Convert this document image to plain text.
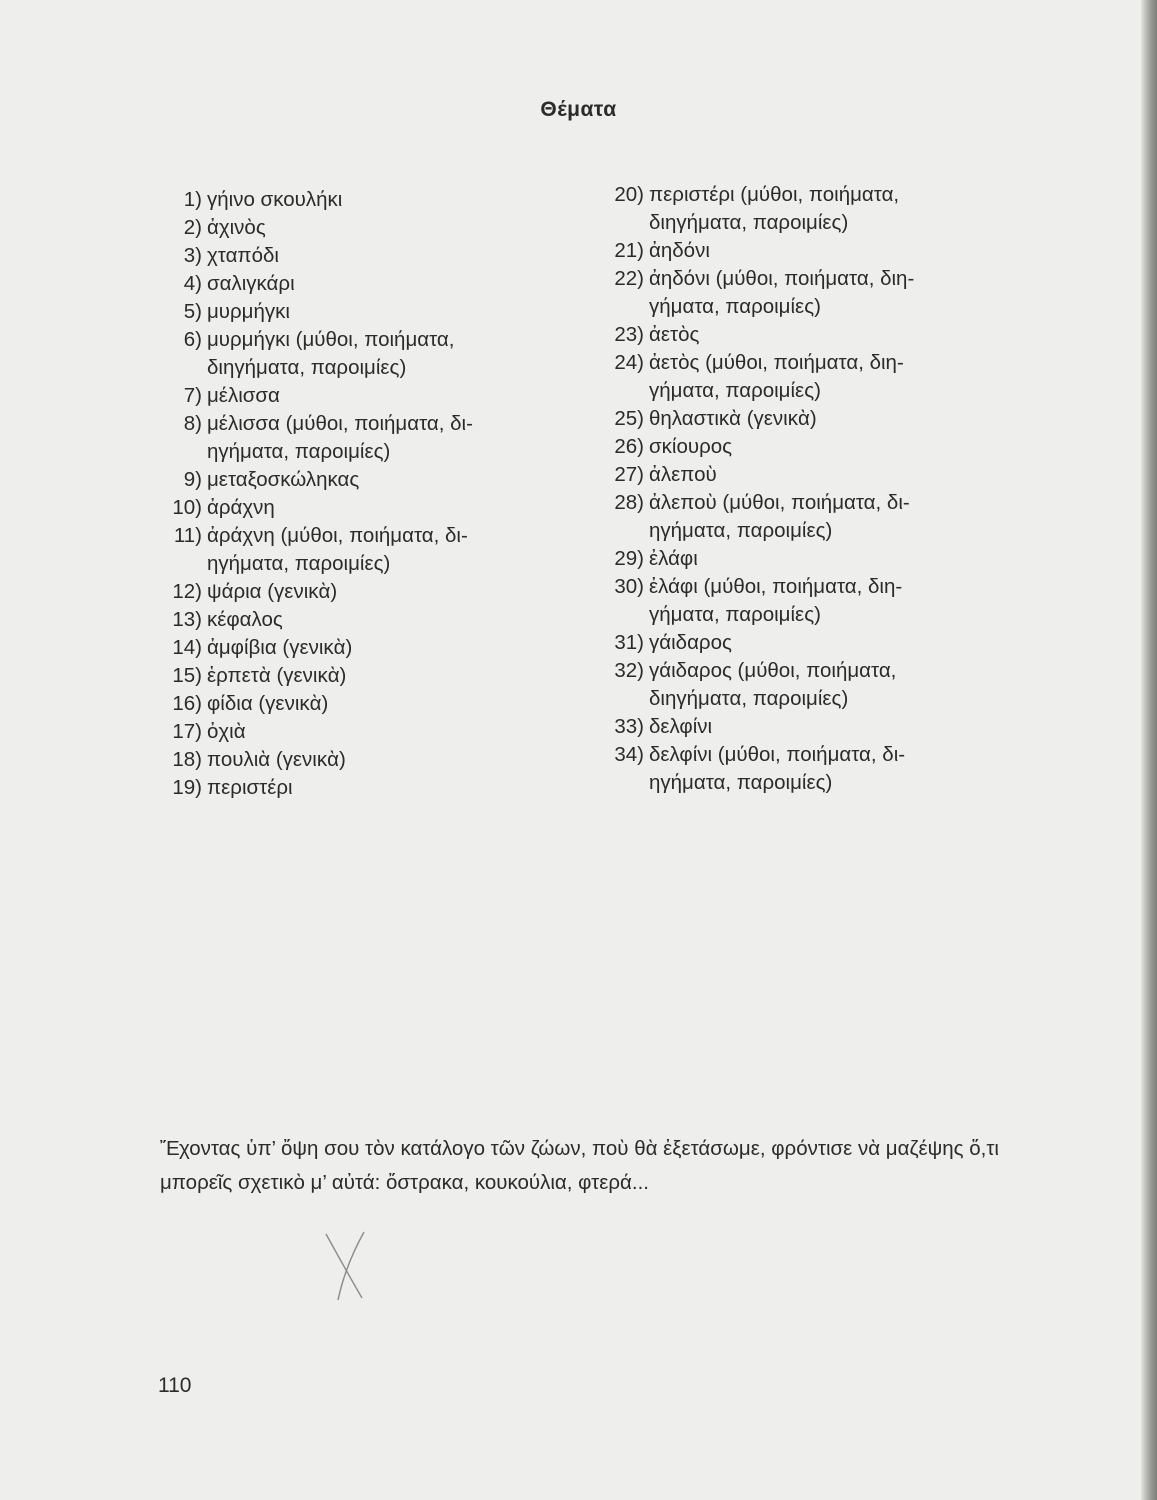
Θέματα
1) γήινο σκουλήκι
2) ἀχινὸς
3) χταπόδι
4) σαλιγκάρι
5) μυρμήγκι
6) μυρμήγκι (μύθοι, ποιήματα,
διηγήματα, παροιμίες)
7) μέλισσα
8) μέλισσα (μύθοι, ποιήματα, δι-
ηγήματα, παροιμίες)
9) μεταξοσκώληκας
10) ἀράχνη
11) ἀράχνη (μύθοι, ποιήματα, δι-
ηγήματα, παροιμίες)
12) ψάρια (γενικὰ)
13) κέφαλος
14) ἀμφίβια (γενικὰ)
15) ἑρπετὰ (γενικὰ)
16) φίδια (γενικὰ)
17) ὀχιὰ
18) πουλιὰ (γενικὰ)
19) περιστέρι
20) περιστέρι (μύθοι, ποιήματα,
διηγήματα, παροιμίες)
21) ἀηδόνι
22) ἀηδόνι (μύθοι, ποιήματα, διη-
γήματα, παροιμίες)
23) ἀετὸς
24) ἀετὸς (μύθοι, ποιήματα, διη-
γήματα, παροιμίες)
25) θηλαστικὰ (γενικὰ)
26) σκίουρος
27) ἀλεποὺ
28) ἀλεποὺ (μύθοι, ποιήματα, δι-
ηγήματα, παροιμίες)
29) ἐλάφι
30) ἐλάφι (μύθοι, ποιήματα, διη-
γήματα, παροιμίες)
31) γάιδαρος
32) γάιδαρος (μύθοι, ποιήματα,
διηγήματα, παροιμίες)
33) δελφίνι
34) δελφίνι (μύθοι, ποιήματα, δι-
ηγήματα, παροιμίες)

Ἔχοντας ὑπ’ ὄψη σου τὸν κατάλογο τῶν ζώων, ποὺ θὰ ἐξετάσωμε, φρόντισε νὰ μαζέψης ὅ,τι μπορεῖς σχετικὸ μ’ αὐτά: ὄστρακα, κουκούλια, φτερά...

110
